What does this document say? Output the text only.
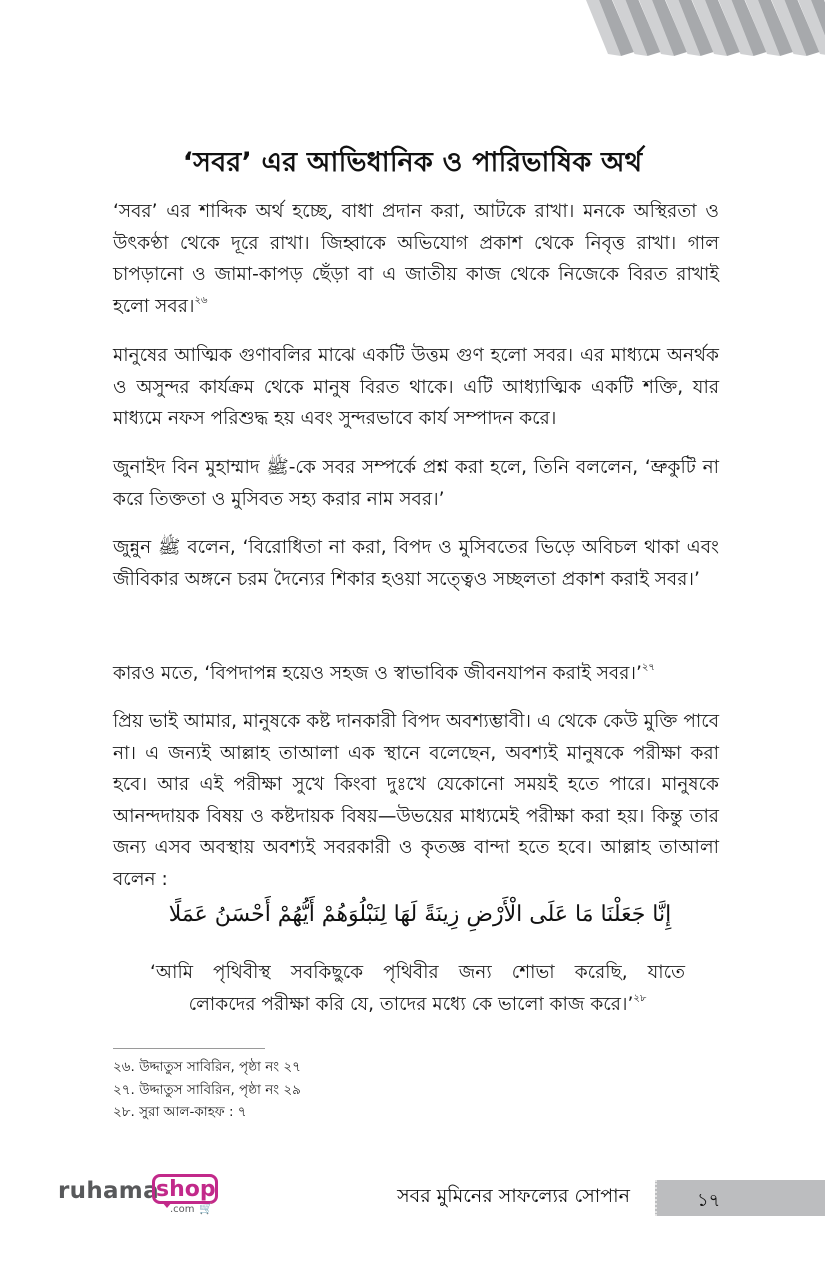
‘সবর’ এর আভিধানিক ও পারিভাষিক অর্থ

‘সবর’ এর শাব্দিক অর্থ হচ্ছে, বাধা প্রদান করা, আটকে রাখা। মনকে অস্থিরতা ও উৎকণ্ঠা থেকে দূরে রাখা। জিহ্বাকে অভিযোগ প্রকাশ থেকে নিবৃত্ত রাখা। গাল চাপড়ানো ও জামা-কাপড় ছেঁড়া বা এ জাতীয় কাজ থেকে নিজেকে বিরত রাখাই হলো সবর।$^{২৬}$

মানুষের আত্মিক গুণাবলির মাঝে একটি উত্তম গুণ হলো সবর। এর মাধ্যমে অনর্থক ও অসুন্দর কার্যক্রম থেকে মানুষ বিরত থাকে। এটি আধ্যাত্মিক একটি শক্তি, যার মাধ্যমে নফস পরিশুদ্ধ হয় এবং সুন্দরভাবে কার্য সম্পাদন করে।

জুনাইদ বিন মুহাম্মাদ ﷺ-কে সবর সম্পর্কে প্রশ্ন করা হলে, তিনি বললেন, ‘ভ্রুকুটি না করে তিক্ততা ও মুসিবত সহ্য করার নাম সবর।’

জুন্নুন ﷺ বলেন, ‘বিরোধিতা না করা, বিপদ ও মুসিবতের ভিড়ে অবিচল থাকা এবং জীবিকার অঙ্গনে চরম দৈন্যের শিকার হওয়া সত্ত্বেও সচ্ছলতা প্রকাশ করাই সবর।’

কারও মতে, ‘বিপদাপন্ন হয়েও সহজ ও স্বাভাবিক জীবনযাপন করাই সবর।’$^{২৭}$

প্রিয় ভাই আমার, মানুষকে কষ্ট দানকারী বিপদ অবশ্যম্ভাবী। এ থেকে কেউ মুক্তি পাবে না। এ জন্যই আল্লাহ তাআলা এক স্থানে বলেছেন, অবশ্যই মানুষকে পরীক্ষা করা হবে। আর এই পরীক্ষা সুখে কিংবা দুঃখে যেকোনো সময়ই হতে পারে। মানুষকে আনন্দদায়ক বিষয় ও কষ্টদায়ক বিষয়—উভয়ের মাধ্যমেই পরীক্ষা করা হয়। কিন্তু তার জন্য এসব অবস্থায় অবশ্যই সবরকারী ও কৃতজ্ঞ বান্দা হতে হবে। আল্লাহ তাআলা বলেন :

إِنَّا جَعَلْنَا مَا عَلَى الْأَرْضِ زِينَةً لَهَا لِنَبْلُوَهُمْ أَيُّهُمْ أَحْسَنُ عَمَلًا
‘আমি পৃথিবীস্থ সবকিছুকে পৃথিবীর জন্য শোভা করেছি, যাতে
লোকদের পরীক্ষা করি যে, তাদের মধ্যে কে ভালো কাজ করে।’$^{২৮}$
২৬. উদ্দাতুস সাবিরিন, পৃষ্ঠা নং ২৭
২৭. উদ্দাতুস সাবিরিন, পৃষ্ঠা নং ২৯
২৮. সুরা আল-কাহফ : ৭
ruhama
shop
.com 🛒
সবর মুমিনের সাফল্যের সোপান	১৭
